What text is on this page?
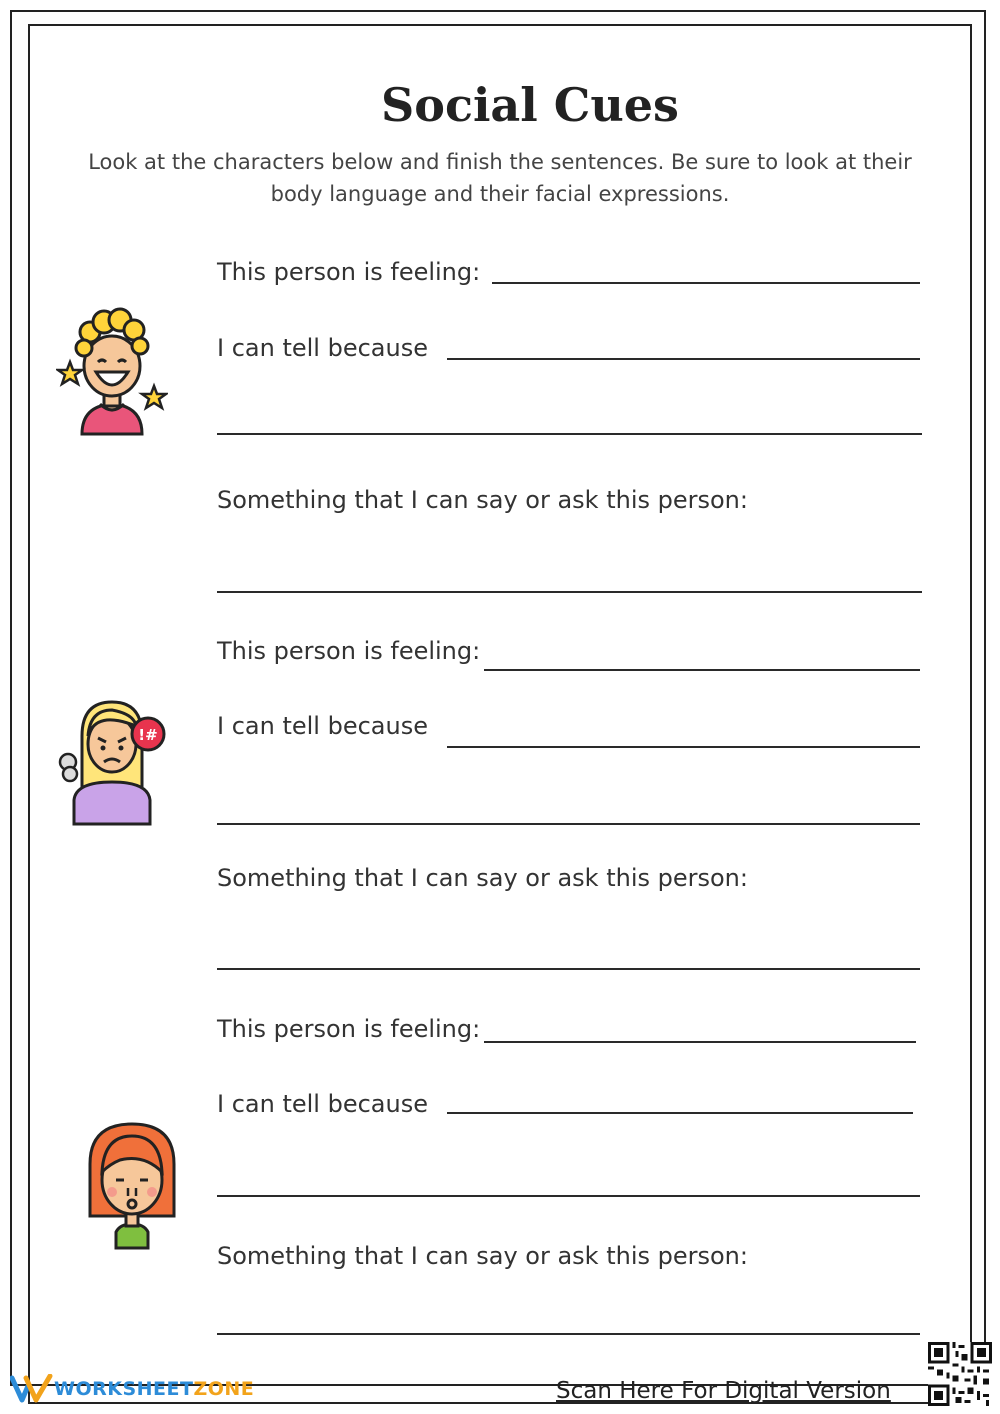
Social Cues
Look at the characters below and finish the sentences. Be sure to look at their body language and their facial expressions.
This person is feeling:
I can tell because
Something that I can say or ask this person:
This person is feeling:
I can tell because
Something that I can say or ask this person:
!#
This person is feeling:
I can tell because
Something that I can say or ask this person:
WORKSHEETZONE	Scan Here For Digital Version
